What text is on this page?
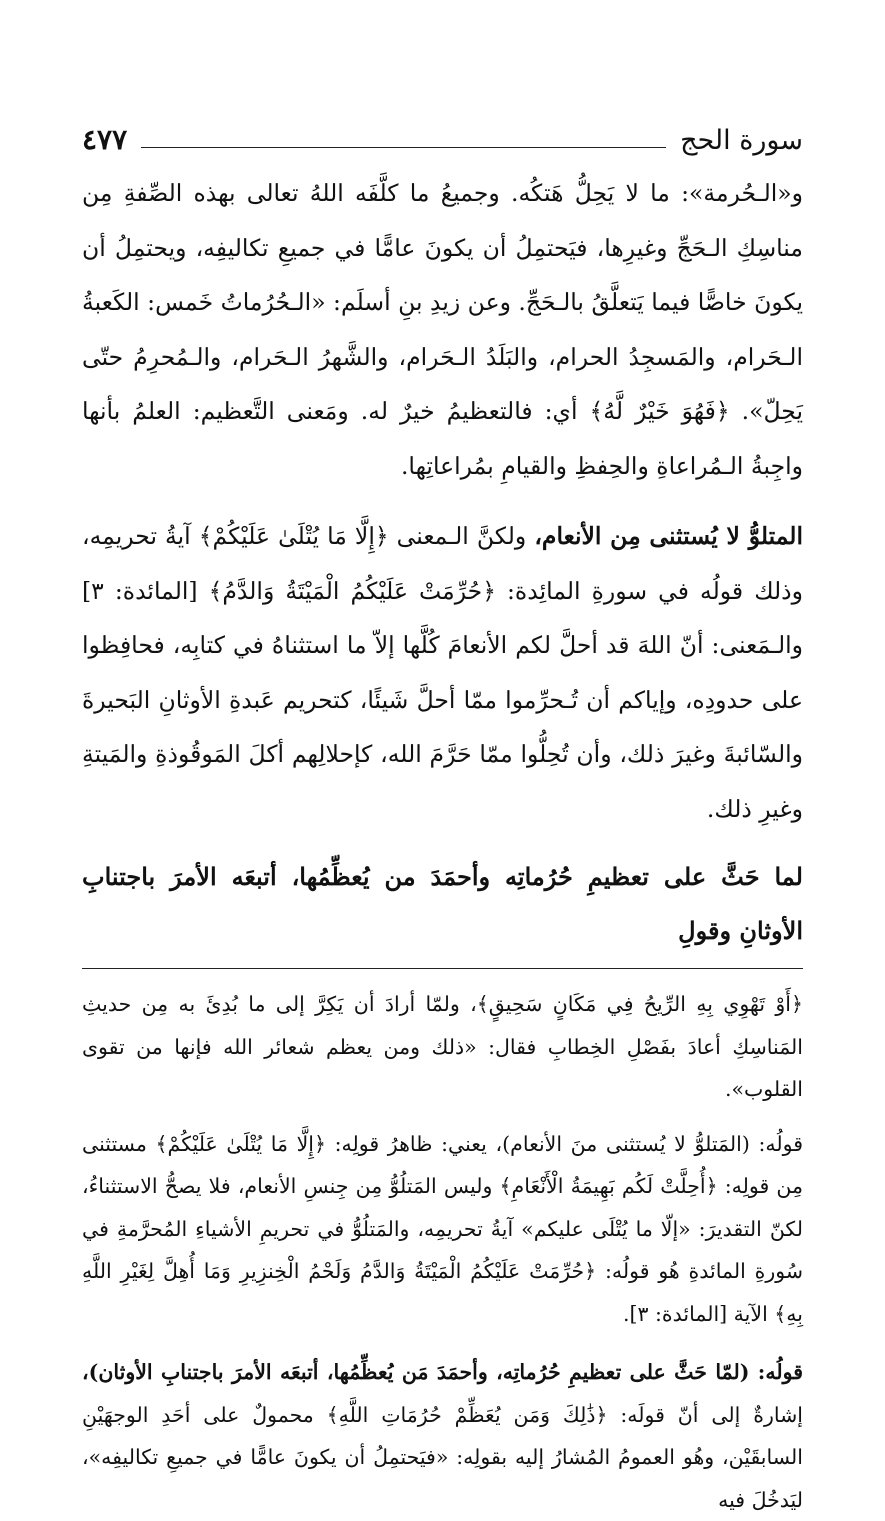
سورة الحج
٤٧٧

و«الـحُرمة»: ما لا يَحِلُّ هَتكُه. وجميعُ ما كلَّفَه اللهُ تعالى بهذه الصِّفةِ مِن مناسِكِ الـحَجِّ وغيرِها، فيَحتمِلُ أن يكونَ عامًّا في جميعِ تكاليفِه، ويحتمِلُ أن يكونَ خاصًّا فيما يَتعلَّقُ بالـحَجِّ. وعن زيدِ بنِ أسلَم: «الـحُرُماتُ خَمس: الكَعبةُ الـحَرام، والمَسجِدُ الحرام، والبَلَدُ الـحَرام، والشَّهرُ الـحَرام، والـمُحرِمُ حتّى يَحِلّ». ﴿فَهُوَ خَيْرٌ لَّهُ﴾ أي: فالتعظيمُ خيرٌ له. ومَعنى التَّعظيم: العلمُ بأنها واجِبةُ الـمُراعاةِ والحِفظِ والقيامِ بمُراعاتِها.

المتلوُّ لا يُستثنى مِن الأنعام، ولكنَّ الـمعنى ﴿إِلَّا مَا يُتْلَىٰ عَلَيْكُمْ﴾ آيةُ تحريمِه، وذلك قولُه في سورةِ المائِدة: ﴿حُرِّمَتْ عَلَيْكُمُ الْمَيْتَةُ وَالدَّمُ﴾ [المائدة: ٣] والـمَعنى: أنّ اللهَ قد أحلَّ لكم الأنعامَ كُلَّها إلاّ ما استثناهُ في كتابِه، فحافِظوا على حدودِه، وإياكم أن تُـحرِّموا ممّا أحلَّ شَيئًا، كتحريم عَبدةِ الأوثانِ البَحيرةَ والسّائبةَ وغيرَ ذلك، وأن تُحِلُّوا ممّا حَرَّمَ الله، كإحلالِهم أكلَ المَوقُوذةِ والمَيتةِ وغيرِ ذلك.

لما حَثَّ على تعظيمِ حُرُماتِه وأحمَدَ من يُعظِّمُها، أتبعَه الأمرَ باجتنابِ الأوثانِ وقولِ

﴿أَوْ تَهْوِي بِهِ الرِّيحُ فِي مَكَانٍ سَحِيقٍ﴾، ولمّا أرادَ أن يَكِرَّ إلى ما بُدِئَ به مِن حديثِ المَناسِكِ أعادَ بفَصْلِ الخِطابِ فقال: «ذلك ومن يعظم شعائر الله فإنها من تقوى القلوب».

قولُه: (المَتلوُّ لا يُستثنى منَ الأنعام)، يعني: ظاهرُ قولِه: ﴿إِلَّا مَا يُتْلَىٰ عَلَيْكُمْ﴾ مستثنى مِن قولِه: ﴿أُحِلَّتْ لَكُم بَهِيمَةُ الْأَنْعَامِ﴾ وليس المَتلُوُّ مِن جِنسِ الأنعام، فلا يصحُّ الاستثناءُ، لكنّ التقديرَ: «إلّا ما يُتْلَى عليكم» آيةُ تحريمِه، والمَتلُوُّ في تحريمِ الأشياءِ المُحرَّمةِ في سُورةِ المائدةِ هُو قولُه: ﴿حُرِّمَتْ عَلَيْكُمُ الْمَيْتَةُ وَالدَّمُ وَلَحْمُ الْخِنزِيرِ وَمَا أُهِلَّ لِغَيْرِ اللَّهِ بِهِ﴾ الآية [المائدة: ٣].

قولُه: (لمّا حَثَّ على تعظيمِ حُرُماتِه، وأحمَدَ مَن يُعظِّمُها، أتبعَه الأمرَ باجتنابِ الأوثان)، إشارةٌ إلى أنّ قولَه: ﴿ذَٰلِكَ وَمَن يُعَظِّمْ حُرُمَاتِ اللَّهِ﴾ محمولٌ على أحَدِ الوجهَيْنِ السابقَيْن، وهُو العمومُ المُشارُ إليه بقولِه: «فيَحتمِلُ أن يكونَ عامًّا في جميعِ تكاليفِه»، ليَدخُلَ فيه
